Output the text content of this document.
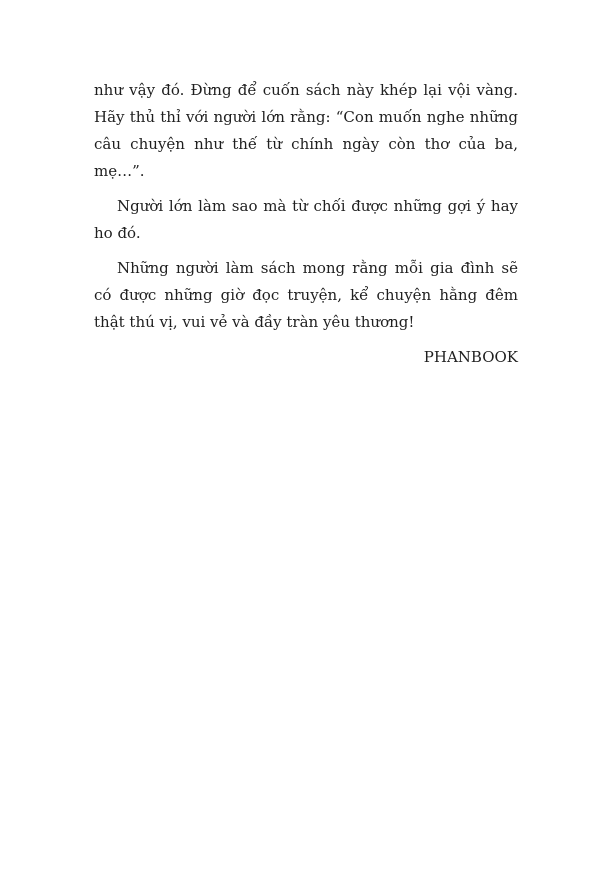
như vậy đó. Đừng để cuốn sách này khép lại vội vàng. Hãy thủ thỉ với người lớn rằng: “Con muốn nghe những câu chuyện như thế từ chính ngày còn thơ của ba, mẹ…”.

Người lớn làm sao mà từ chối được những gợi ý hay ho đó.

Những người làm sách mong rằng mỗi gia đình sẽ có được những giờ đọc truyện, kể chuyện hằng đêm thật thú vị, vui vẻ và đầy tràn yêu thương!

PHANBOOK
